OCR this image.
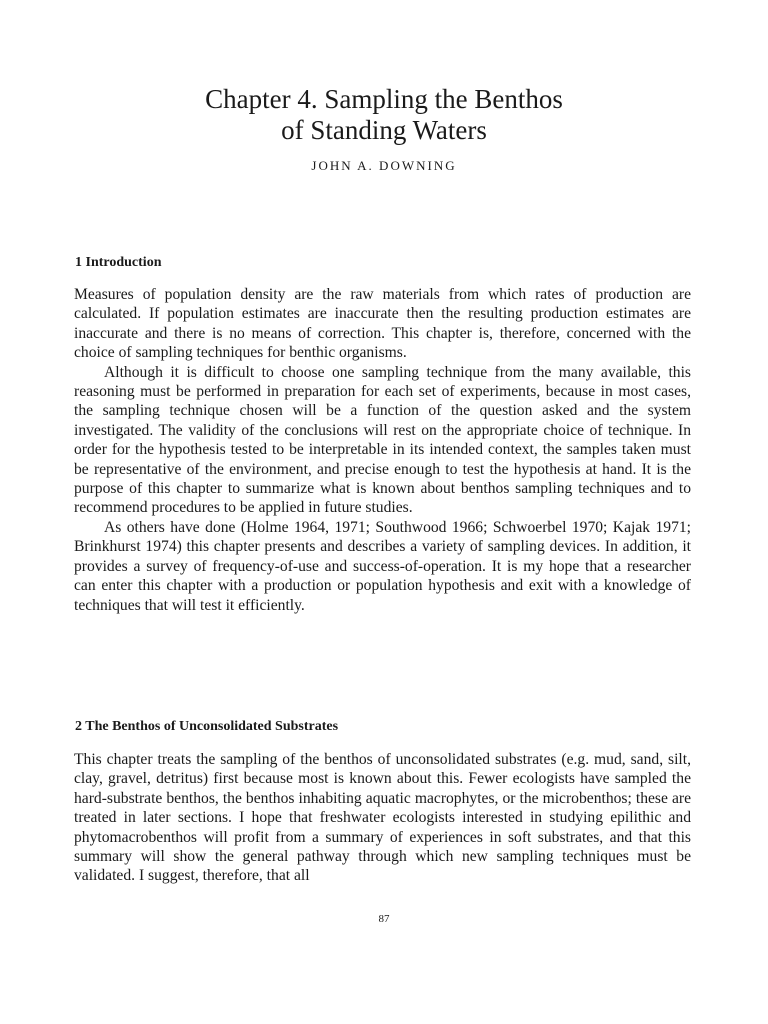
Chapter 4. Sampling the Benthos
of Standing Waters

JOHN A. DOWNING

1 Introduction

Measures of population density are the raw materials from which rates of production are calculated. If population estimates are inaccurate then the resulting production estimates are inaccurate and there is no means of correction. This chapter is, therefore, concerned with the choice of sampling techniques for benthic organisms.

Although it is difficult to choose one sampling technique from the many available, this reasoning must be performed in preparation for each set of experiments, because in most cases, the sampling technique chosen will be a function of the question asked and the system investigated. The validity of the conclusions will rest on the appropriate choice of technique. In order for the hypothesis tested to be interpretable in its intended context, the samples taken must be representative of the environment, and precise enough to test the hypothesis at hand. It is the purpose of this chapter to summarize what is known about benthos sampling techniques and to recommend procedures to be applied in future studies.

As others have done (Holme 1964, 1971; Southwood 1966; Schwoerbel 1970; Kajak 1971; Brinkhurst 1974) this chapter presents and describes a variety of sampling devices. In addition, it provides a survey of frequency-of-use and success-of-operation. It is my hope that a researcher can enter this chapter with a production or population hypothesis and exit with a knowledge of techniques that will test it efficiently.

2 The Benthos of Unconsolidated Substrates

This chapter treats the sampling of the benthos of unconsolidated substrates (e.g. mud, sand, silt, clay, gravel, detritus) first because most is known about this. Fewer ecologists have sampled the hard-substrate benthos, the benthos inhabiting aquatic macrophytes, or the microbenthos; these are treated in later sections. I hope that freshwater ecologists interested in studying epilithic and phytomacrobenthos will profit from a summary of experiences in soft substrates, and that this summary will show the general pathway through which new sampling techniques must be validated. I suggest, therefore, that all

87
